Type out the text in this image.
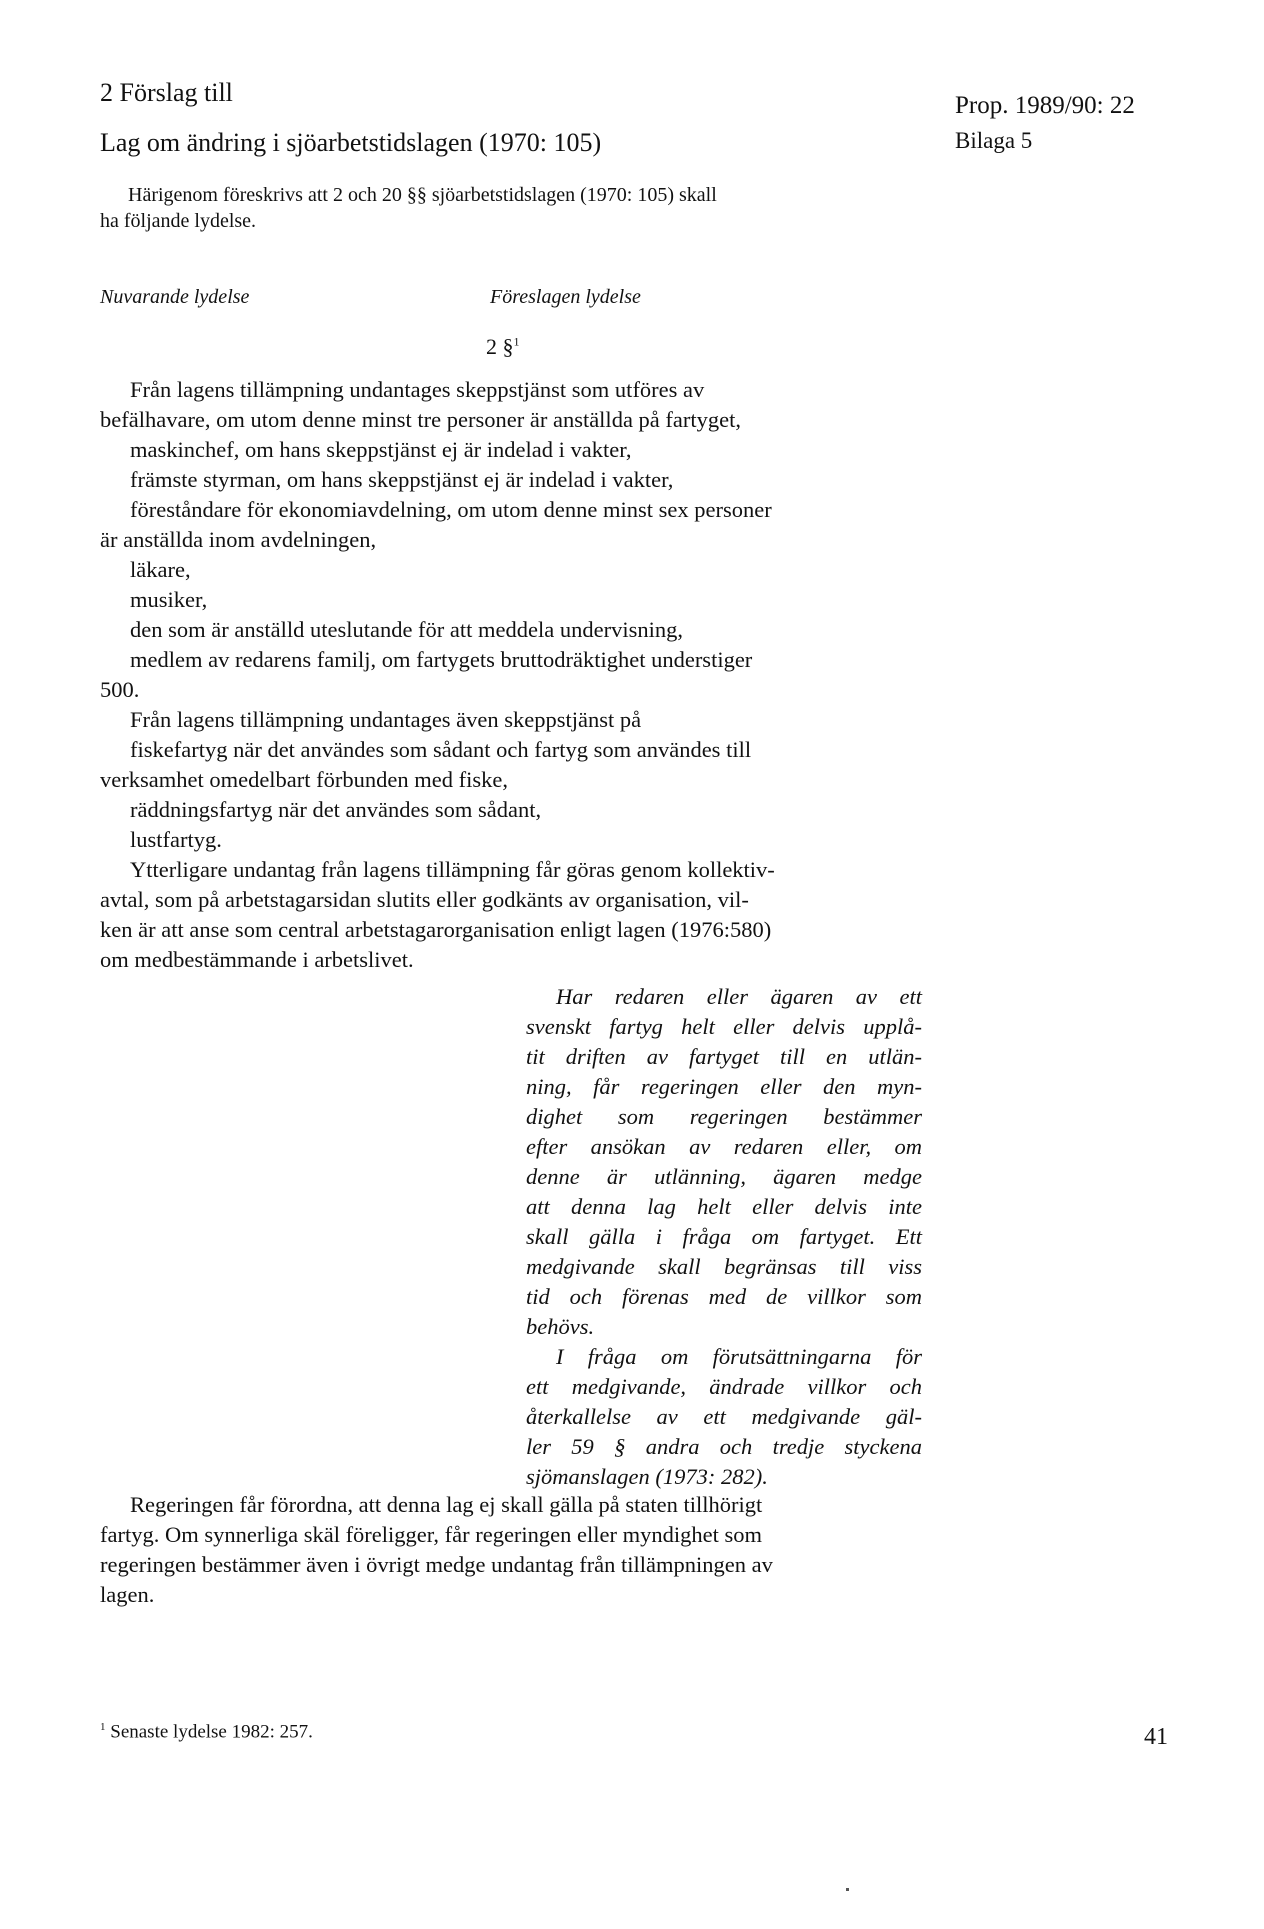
2 Förslag till
Lag om ändring i sjöarbetstidslagen (1970: 105)
Prop. 1989/90: 22
Bilaga 5
Härigenom föreskrivs att 2 och 20 §§ sjöarbetstidslagen (1970: 105) skall
ha följande lydelse.
Nuvarande lydelse	Föreslagen lydelse
2 §$^1$
Från lagens tillämpning undantages skeppstjänst som utföres av
befälhavare, om utom denne minst tre personer är anställda på fartyget,
maskinchef, om hans skeppstjänst ej är indelad i vakter,
främste styrman, om hans skeppstjänst ej är indelad i vakter,
föreståndare för ekonomiavdelning, om utom denne minst sex personer
är anställda inom avdelningen,
läkare,
musiker,
den som är anställd uteslutande för att meddela undervisning,
medlem av redarens familj, om fartygets bruttodräktighet understiger
500.
Från lagens tillämpning undantages även skeppstjänst på
fiskefartyg när det användes som sådant och fartyg som användes till
verksamhet omedelbart förbunden med fiske,
räddningsfartyg när det användes som sådant,
lustfartyg.
Ytterligare undantag från lagens tillämpning får göras genom kollektiv-
avtal, som på arbetstagarsidan slutits eller godkänts av organisation, vil-
ken är att anse som central arbetstagarorganisation enligt lagen (1976:580)
om medbestämmande i arbetslivet.
Har redaren eller ägaren av ett
svenskt fartyg helt eller delvis upplå-
tit driften av fartyget till en utlän-
ning, får regeringen eller den myn-
dighet som regeringen bestämmer
efter ansökan av redaren eller, om
denne är utlänning, ägaren medge
att denna lag helt eller delvis inte
skall gälla i fråga om fartyget. Ett
medgivande skall begränsas till viss
tid och förenas med de villkor som
behövs.
I fråga om förutsättningarna för
ett medgivande, ändrade villkor och
återkallelse av ett medgivande gäl-
ler 59 § andra och tredje styckena
sjömanslagen (1973: 282).
Regeringen får förordna, att denna lag ej skall gälla på staten tillhörigt
fartyg. Om synnerliga skäl föreligger, får regeringen eller myndighet som
regeringen bestämmer även i övrigt medge undantag från tillämpningen av
lagen.
$^1$ Senaste lydelse 1982: 257.	41
